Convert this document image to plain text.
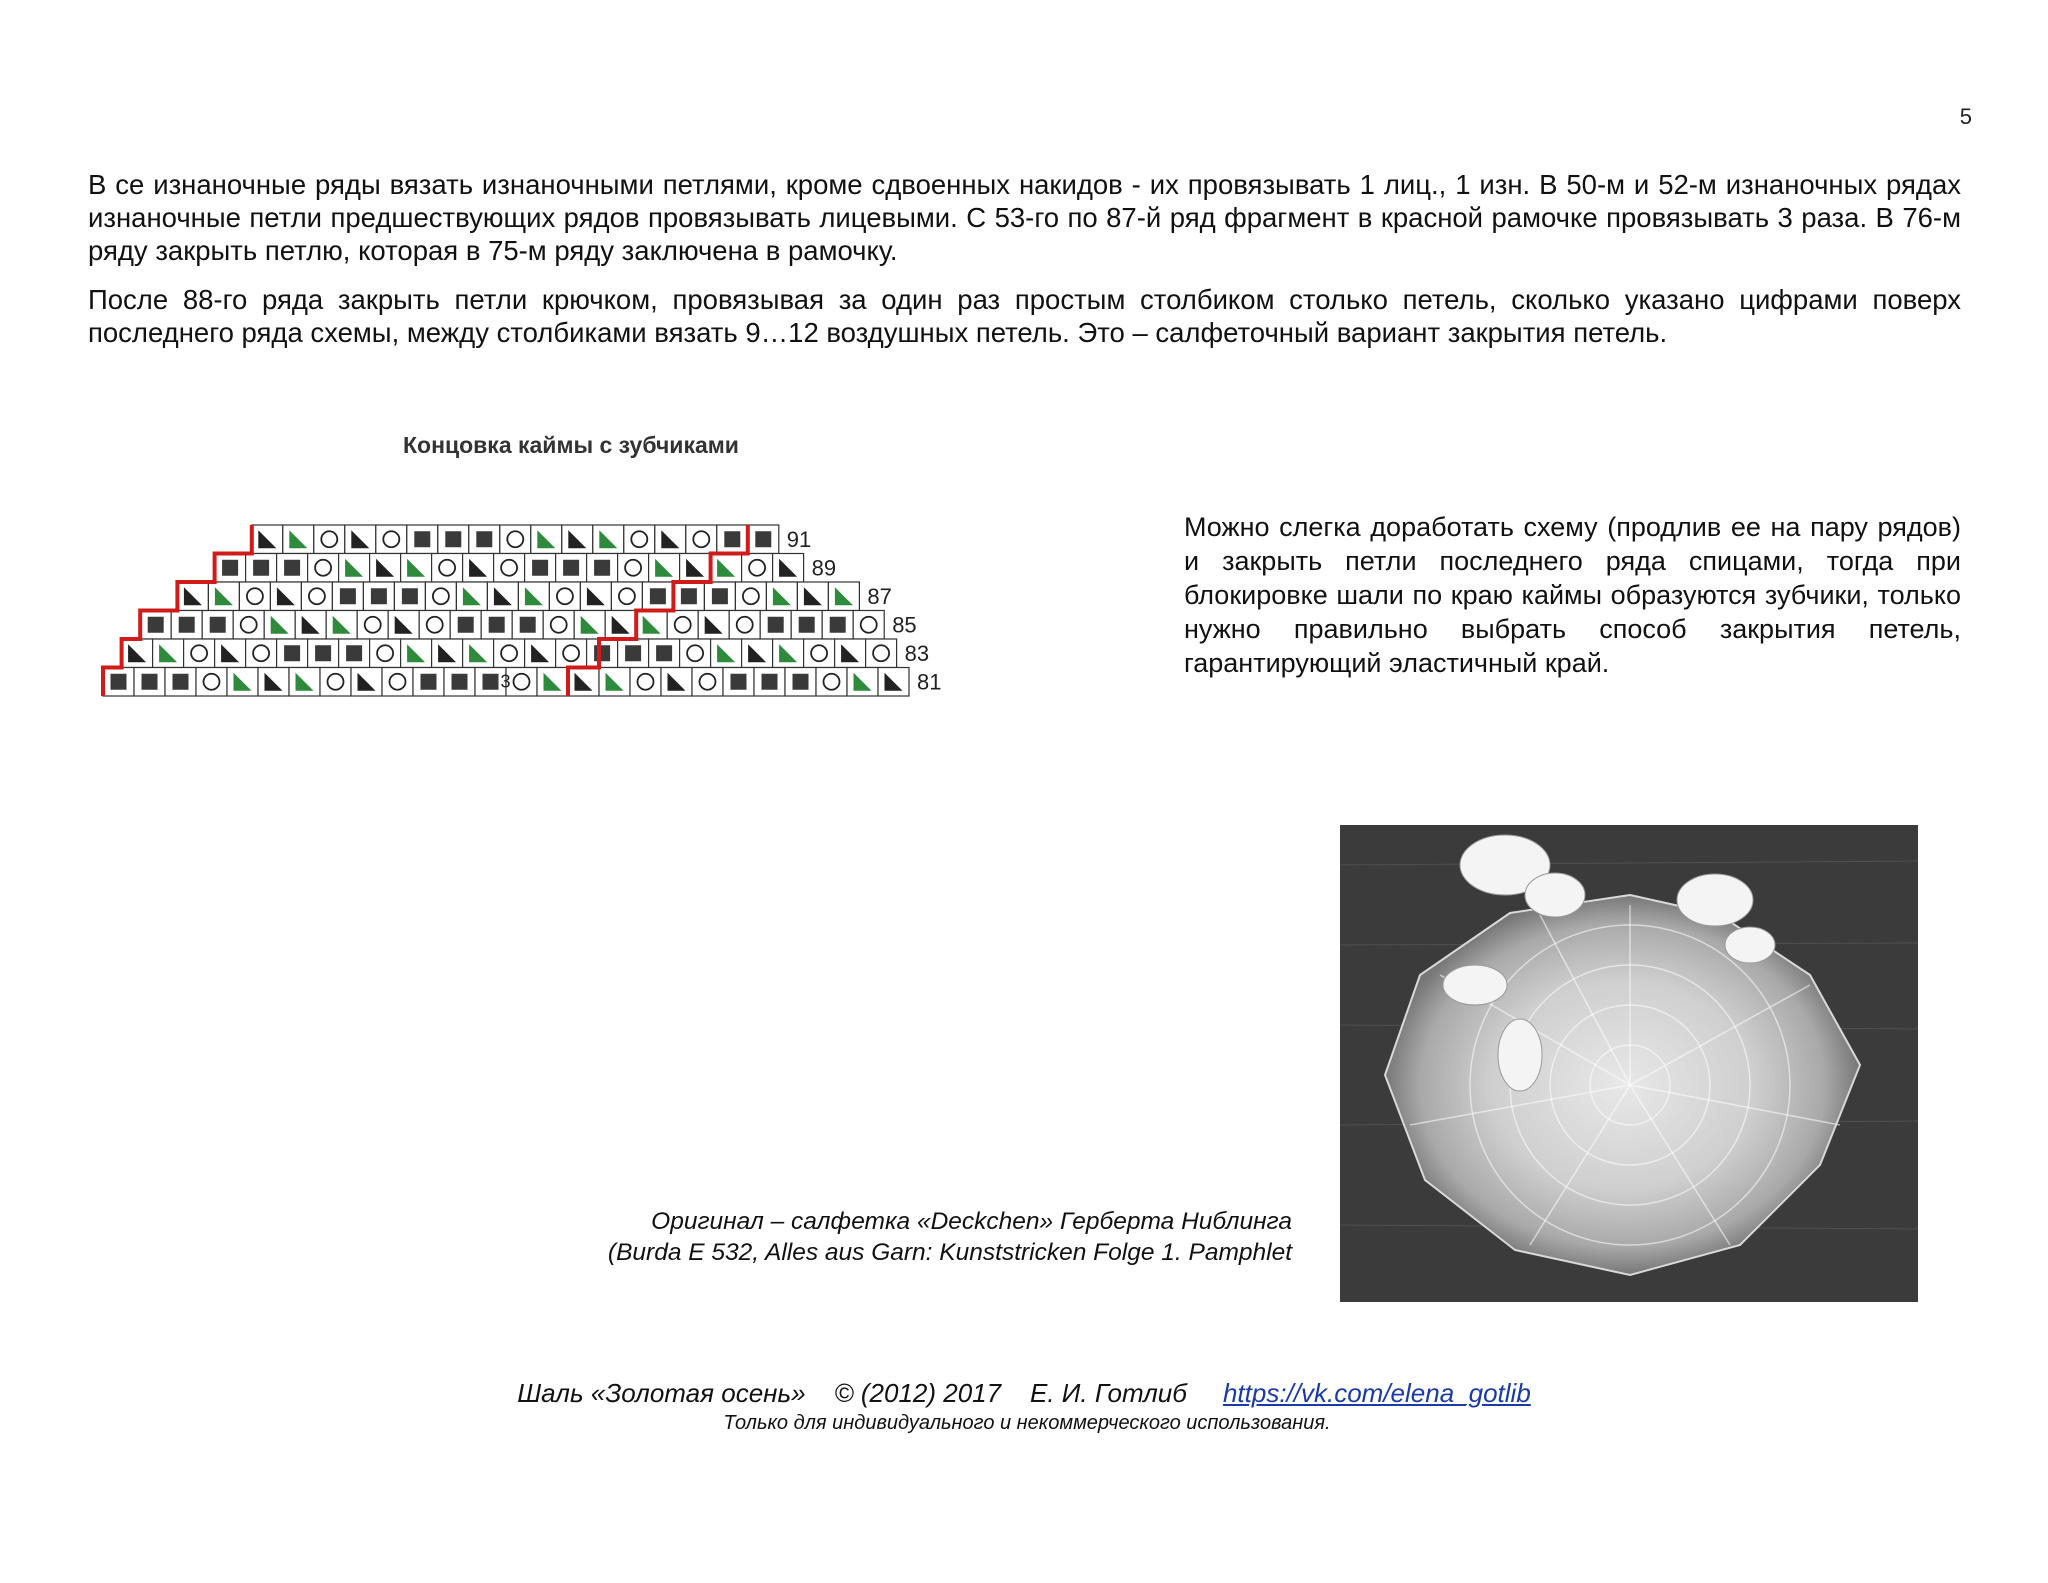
5

В се изнаночные ряды вязать изнаночными петлями, кроме сдвоенных накидов - их провязывать 1 лиц., 1 изн. В 50-м и 52-м изнаночных рядах изнаночные петли предшествующих рядов провязывать лицевыми. С 53-го по 87-й ряд фрагмент в красной рамочке провязывать 3 раза. В 76-м ряду закрыть петлю, которая в 75-м ряду заключена в рамочку.

После 88-го ряда закрыть петли крючком, провязывая за один раз простым столбиком столько петель, сколько указано цифрами поверх последнего ряда схемы, между столбиками вязать 9…12 воздушных петель. Это – салфеточный вариант закрытия петель.

Концовка каймы с зубчиками
3
91
89
87
85
83
81

Можно слегка доработать схему (продлив ее на пару рядов) и закрыть петли последнего ряда спицами, тогда при блокировке шали по краю каймы образуются зубчики, только нужно правильно выбрать способ закрытия петель, гарантирующий эластичный край.

Оригинал – салфетка «Deckchen» Герберта Ниблинга
(Burda E 532, Alles aus Garn: Kunststricken Folge 1. Pamphlet
Шаль «Золотая осень» © (2012) 2017 Е. И. Готлиб https://vk.com/elena_gotlib
Только для индивидуального и некоммерческого использования.
